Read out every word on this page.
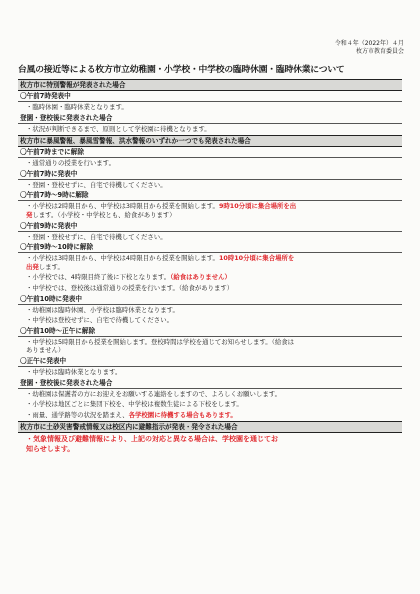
令和４年（2022年）４月
枚方市教育委員会
台風の接近等による枚方市立幼稚園・小学校・中学校の臨時休園・臨時休業について
枚方市に特別警報が発表された場合
〇午前7時発表中
・臨時休園・臨時休業となります。
登園・登校後に発表された場合
・状況が判断できるまで、原則として学校園に待機となります。
枚方市に暴風警報、暴風雪警報、洪水警報のいずれか一つでも発表された場合
〇午前7時までに解除
・通常通りの授業を行います。
〇午前7時に発表中
・登園・登校せずに、自宅で待機してください。
〇午前7時～9時に解除
・小学校は2時限目から、中学校は3時限目から授業を開始します。9時10分頃に集合場所を出
発します。（小学校・中学校とも、給食があります）
〇午前9時に発表中
・登園・登校せずに、自宅で待機してください。
〇午前9時～10時に解除
・小学校は3時限目から、中学校は4時限目から授業を開始します。10時10分頃に集合場所を
出発します。
・小学校では、4時限目終了後に下校となります。（給食はありません）
・中学校では、登校後は通常通りの授業を行います。（給食があります）
〇午前10時に発表中
・幼稚園は臨時休園、小学校は臨時休業となります。
・中学校は登校せずに、自宅で待機してください。
〇午前10時～正午に解除
・中学校は5時限目から授業を開始します。登校時間は学校を通じてお知らせします。（給食は
ありません）
〇正午に発表中
・中学校は臨時休業となります。
登園・登校後に発表された場合
・幼稚園は保護者の方にお迎えをお願いする連絡をしますので、よろしくお願いします。
・小学校は地区ごとに集団下校を、中学校は複数生徒による下校をします。
・雨量、通学路等の状況を踏まえ、各学校園に待機する場合もあります。
枚方市に土砂災害警戒情報又は校区内に避難指示が発表・発令された場合
・気象情報及び避難情報により、上記の対応と異なる場合は、学校園を通じてお
知らせします。
